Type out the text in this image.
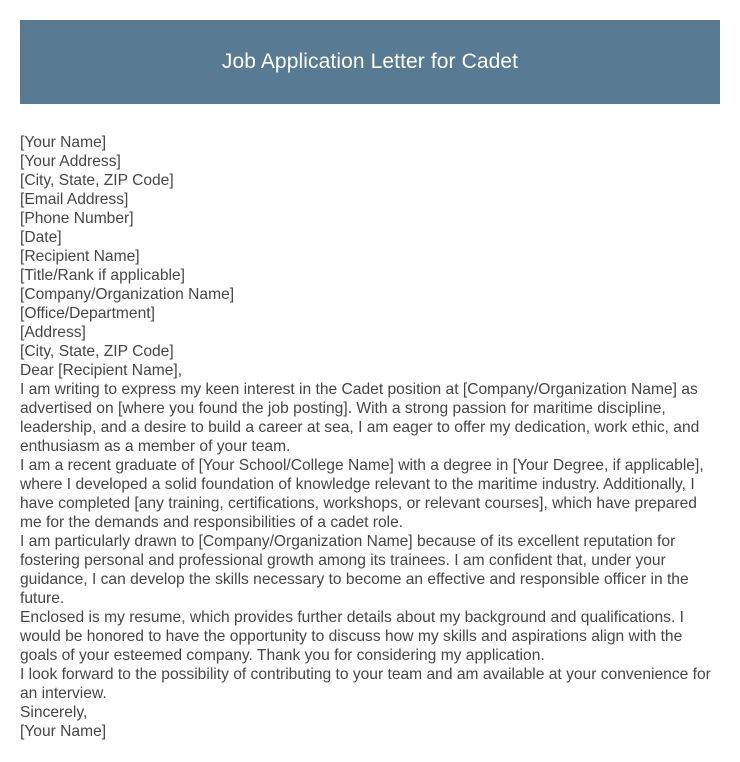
Job Application Letter for Cadet

[Your Name]

[Your Address]

[City, State, ZIP Code]

[Email Address]

[Phone Number]

[Date]

[Recipient Name]

[Title/Rank if applicable]

[Company/Organization Name]

[Office/Department]

[Address]

[City, State, ZIP Code]

Dear [Recipient Name],

I am writing to express my keen interest in the Cadet position at [Company/Organization Name] as advertised on [where you found the job posting]. With a strong passion for maritime discipline, leadership, and a desire to build a career at sea, I am eager to offer my dedication, work ethic, and enthusiasm as a member of your team.

I am a recent graduate of [Your School/College Name] with a degree in [Your Degree, if applicable], where I developed a solid foundation of knowledge relevant to the maritime industry. Additionally, I have completed [any training, certifications, workshops, or relevant courses], which have prepared me for the demands and responsibilities of a cadet role.

I am particularly drawn to [Company/Organization Name] because of its excellent reputation for fostering personal and professional growth among its trainees. I am confident that, under your guidance, I can develop the skills necessary to become an effective and responsible officer in the future.

Enclosed is my resume, which provides further details about my background and qualifications. I would be honored to have the opportunity to discuss how my skills and aspirations align with the goals of your esteemed company. Thank you for considering my application.

I look forward to the possibility of contributing to your team and am available at your convenience for an interview.

Sincerely,

[Your Name]
